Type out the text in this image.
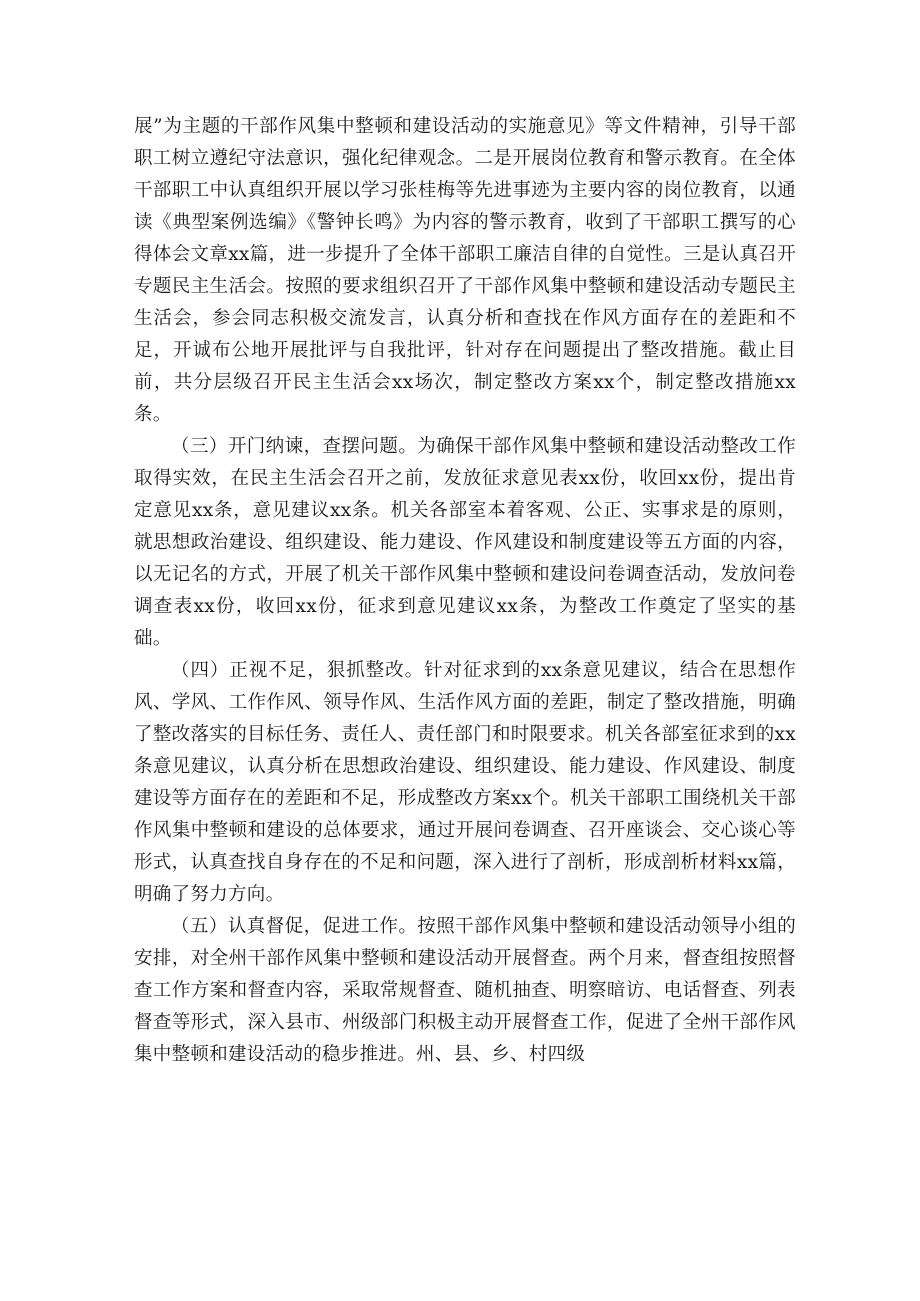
展”为主题的干部作风集中整顿和建设活动的实施意见》等文件精神，引导干部职工树立遵纪守法意识，强化纪律观念。二是开展岗位教育和警示教育。在全体干部职工中认真组织开展以学习张桂梅等先进事迹为主要内容的岗位教育，以通读《典型案例选编》《警钟长鸣》为内容的警示教育，收到了干部职工撰写的心得体会文章xx篇，进一步提升了全体干部职工廉洁自律的自觉性。三是认真召开专题民主生活会。按照的要求组织召开了干部作风集中整顿和建设活动专题民主生活会，参会同志积极交流发言，认真分析和查找在作风方面存在的差距和不足，开诚布公地开展批评与自我批评，针对存在问题提出了整改措施。截止目前，共分层级召开民主生活会xx场次，制定整改方案xx个，制定整改措施xx条。

（三）开门纳谏，查摆问题。为确保干部作风集中整顿和建设活动整改工作取得实效，在民主生活会召开之前，发放征求意见表xx份，收回xx份，提出肯定意见xx条，意见建议xx条。机关各部室本着客观、公正、实事求是的原则，就思想政治建设、组织建设、能力建设、作风建设和制度建设等五方面的内容，以无记名的方式，开展了机关干部作风集中整顿和建设问卷调查活动，发放问卷调查表xx份，收回xx份，征求到意见建议xx条，为整改工作奠定了坚实的基础。

（四）正视不足，狠抓整改。针对征求到的xx条意见建议，结合在思想作风、学风、工作作风、领导作风、生活作风方面的差距，制定了整改措施，明确了整改落实的目标任务、责任人、责任部门和时限要求。机关各部室征求到的xx条意见建议，认真分析在思想政治建设、组织建设、能力建设、作风建设、制度建设等方面存在的差距和不足，形成整改方案xx个。机关干部职工围绕机关干部作风集中整顿和建设的总体要求，通过开展问卷调查、召开座谈会、交心谈心等形式，认真查找自身存在的不足和问题，深入进行了剖析，形成剖析材料xx篇，明确了努力方向。

（五）认真督促，促进工作。按照干部作风集中整顿和建设活动领导小组的安排，对全州干部作风集中整顿和建设活动开展督查。两个月来，督查组按照督查工作方案和督查内容，采取常规督查、随机抽查、明察暗访、电话督查、列表督查等形式，深入县市、州级部门积极主动开展督查工作，促进了全州干部作风集中整顿和建设活动的稳步推进。州、县、乡、村四级
